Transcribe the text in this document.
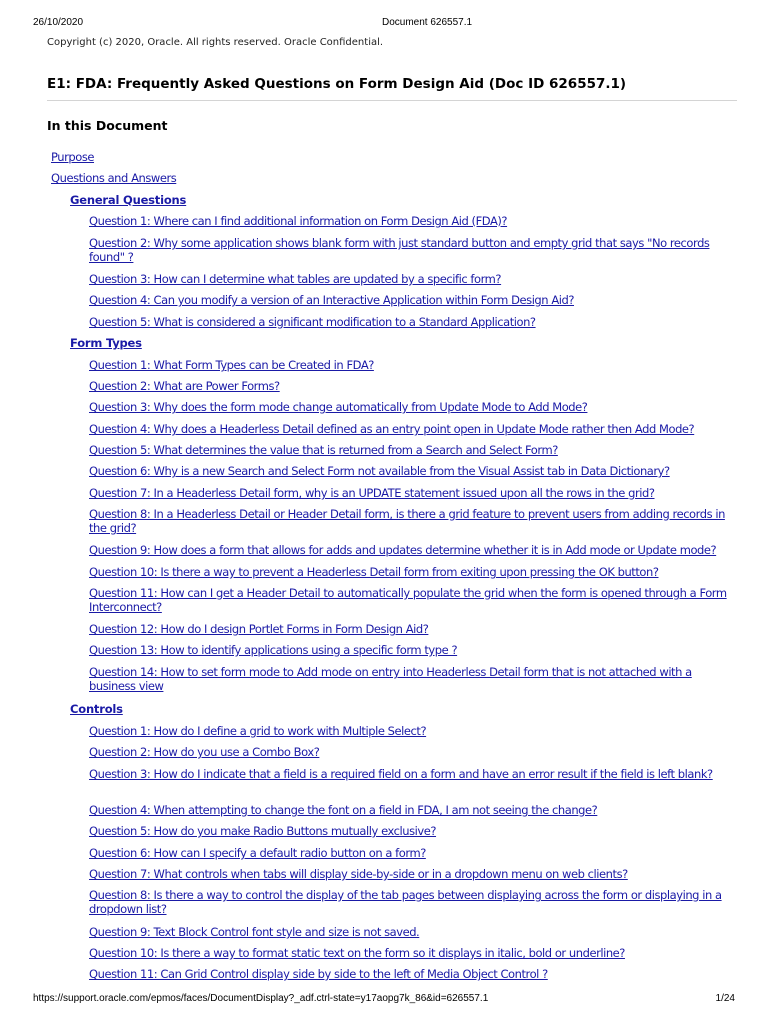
26/10/2020	Document 626557.1
Copyright (c) 2020, Oracle. All rights reserved. Oracle Confidential.
E1: FDA: Frequently Asked Questions on Form Design Aid (Doc ID 626557.1)
In this Document
Purpose
Questions and Answers
General Questions
Question 1: Where can I find additional information on Form Design Aid (FDA)?
Question 2: Why some application shows blank form with just standard button and empty grid that says "No records found" ?
Question 3: How can I determine what tables are updated by a specific form?
Question 4: Can you modify a version of an Interactive Application within Form Design Aid?
Question 5: What is considered a significant modification to a Standard Application?
Form Types
Question 1: What Form Types can be Created in FDA?
Question 2: What are Power Forms?
Question 3: Why does the form mode change automatically from Update Mode to Add Mode?
Question 4: Why does a Headerless Detail defined as an entry point open in Update Mode rather then Add Mode?
Question 5: What determines the value that is returned from a Search and Select Form?
Question 6: Why is a new Search and Select Form not available from the Visual Assist tab in Data Dictionary?
Question 7: In a Headerless Detail form, why is an UPDATE statement issued upon all the rows in the grid?
Question 8: In a Headerless Detail or Header Detail form, is there a grid feature to prevent users from adding records in the grid?
Question 9: How does a form that allows for adds and updates determine whether it is in Add mode or Update mode?
Question 10: Is there a way to prevent a Headerless Detail form from exiting upon pressing the OK button?
Question 11: How can I get a Header Detail to automatically populate the grid when the form is opened through a Form Interconnect?
Question 12: How do I design Portlet Forms in Form Design Aid?
Question 13: How to identify applications using a specific form type ?
Question 14: How to set form mode to Add mode on entry into Headerless Detail form that is not attached with a business view
Controls
Question 1: How do I define a grid to work with Multiple Select?
Question 2: How do you use a Combo Box?
Question 3: How do I indicate that a field is a required field on a form and have an error result if the field is left blank?
Question 4: When attempting to change the font on a field in FDA, I am not seeing the change?
Question 5: How do you make Radio Buttons mutually exclusive?
Question 6: How can I specify a default radio button on a form?
Question 7: What controls when tabs will display side-by-side or in a dropdown menu on web clients?
Question 8: Is there a way to control the display of the tab pages between displaying across the form or displaying in a dropdown list?
Question 9: Text Block Control font style and size is not saved.
Question 10: Is there a way to format static text on the form so it displays in italic, bold or underline?
Question 11: Can Grid Control display side by side to the left of Media Object Control ?
https://support.oracle.com/epmos/faces/DocumentDisplay?_adf.ctrl-state=y17aopg7k_86&id=626557.1	1/24
